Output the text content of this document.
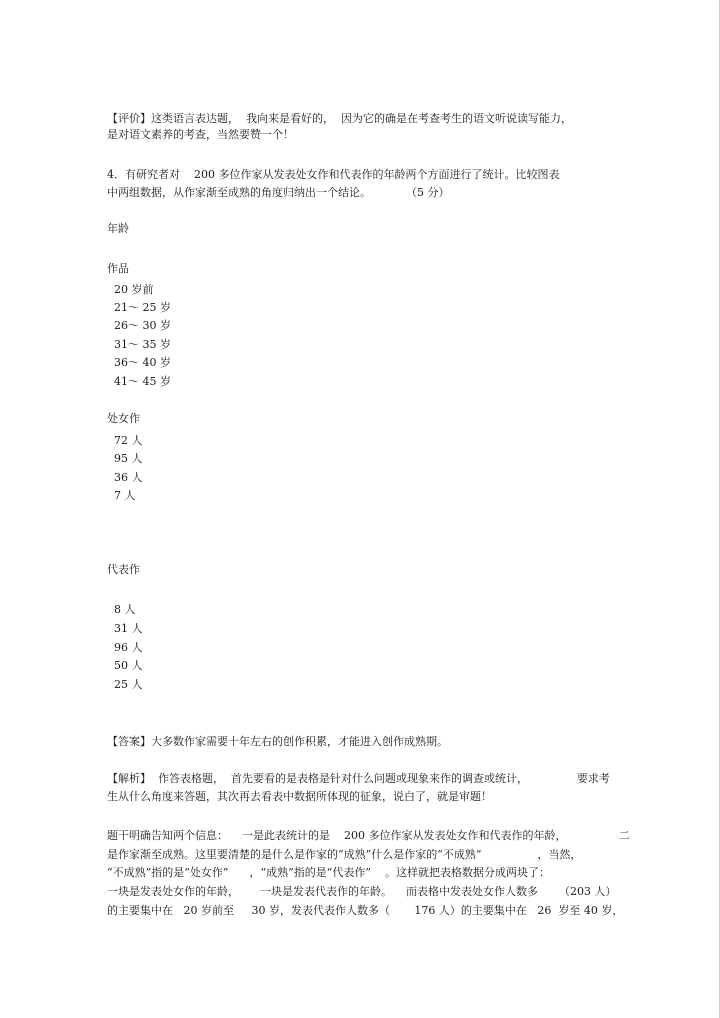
【评价】这类语言表达题，  我向来是看好的，  因为它的确是在考查考生的语文听说读写能力，
是对语文素养的考查，当然要赞一个！
4．有研究者对    200 多位作家从发表处女作和代表作的年龄两个方面进行了统计。比较图表
中两组数据，从作家渐至成熟的角度归纳出一个结论。          （5 分）
年龄
作品
20 岁前
21～ 25 岁
26～ 30 岁
31～ 35 岁
36～ 40 岁
41～ 45 岁
处女作
72 人
95 人
36 人
7 人
代表作
8 人
31 人
96 人
50 人
25 人
【答案】大多数作家需要十年左右的创作积累，才能进入创作成熟期。
【解析】  作答表格题，  首先要看的是表格是针对什么问题或现象来作的调查或统计，              要求考
生从什么角度来答题，其次再去看表中数据所体现的征象，说白了，就是审题！
题干明确告知两个信息：    一是此表统计的是    200 多位作家从发表处女作和代表作的年龄，               二
是作家渐至成熟。这里要清楚的是什么是作家的“成熟”什么是作家的“不成熟”                ，当然，
“不成熟”指的是“处女作”      ，“成熟”指的是“代表作”    。这样就把表格数据分成两块了：
一块是发表处女作的年龄，      一块是发表代表作的年龄。    而表格中发表处女作人数多      （203 人）
的主要集中在   20 岁前至     30 岁，发表代表作人数多（       176 人）的主要集中在   26  岁至 40 岁，
